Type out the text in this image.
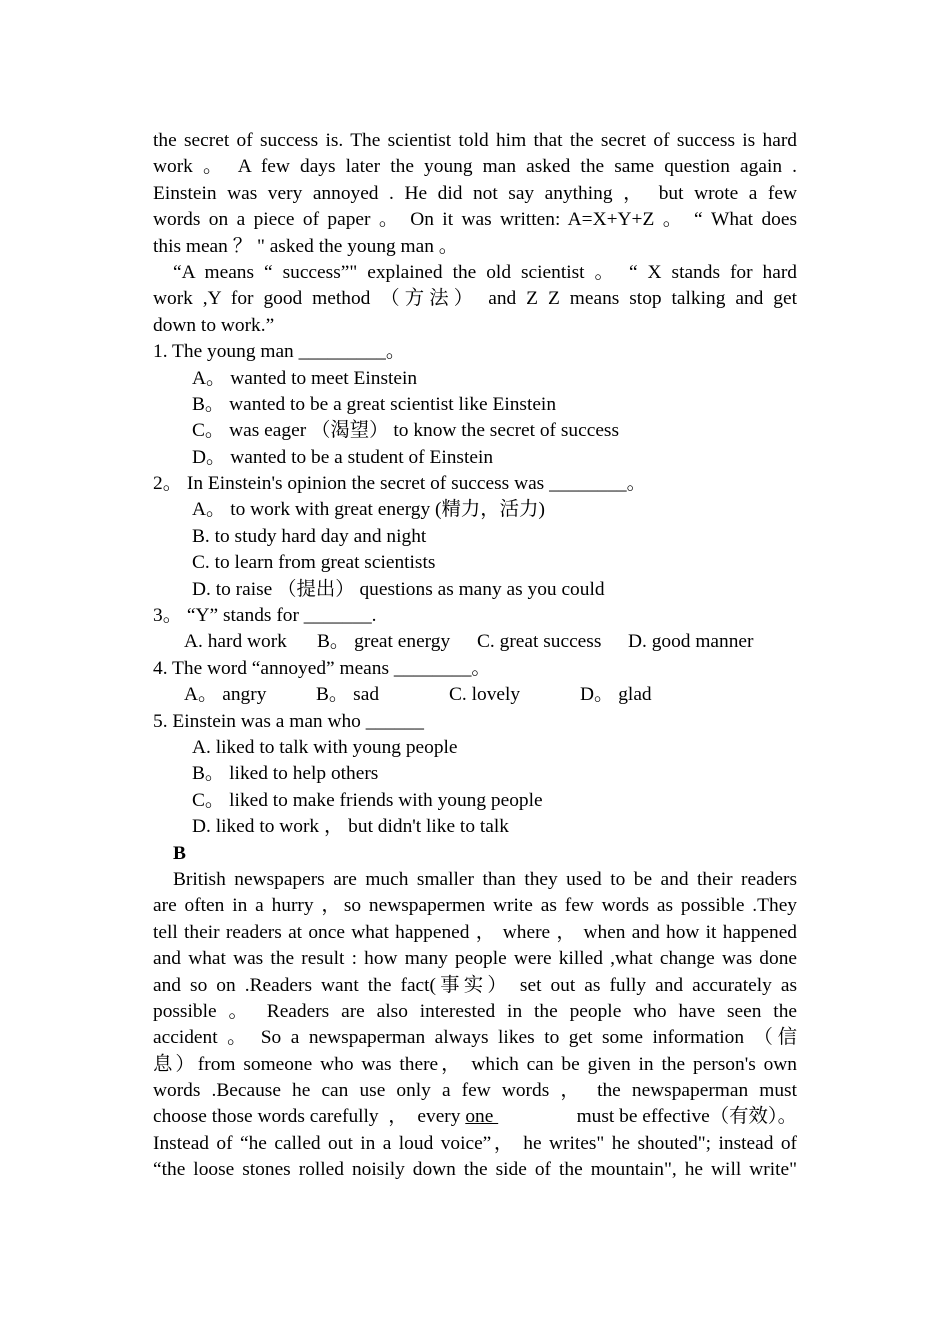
the secret of success is. The scientist told him that the secret of success is hard
work 。 A few days later the young man asked the same question again .
Einstein was very annoyed . He did not say anything ， but wrote a few
words on a piece of paper 。 On it was written: A=X+Y+Z 。 “ What does
this mean ？ " asked the young man 。
“A means “ success”" explained the old scientist 。 “ X stands for hard
work ,Y for good method （方法） and Z Z means stop talking and get
down to work.”
1. The young man _________。
A。 wanted to meet Einstein
B。 wanted to be a great scientist like Einstein
C。 was eager （渴望） to know the secret of success
D。 wanted to be a student of Einstein
2。 In Einstein's opinion the secret of success was ________。
A。 to work with great energy (精力，活力)
B. to study hard day and night
C. to learn from great scientists
D. to raise （提出） questions as many as you could
3。 “Y” stands for _______.
A. hard work B。 great energy C. great success D. good manner
4. The word “annoyed” means ________。
A。 angry	B。 sad	C. lovely	D。 glad
5. Einstein was a man who ______
A. liked to talk with young people
B。 liked to help others
C。 liked to make friends with young people
D. liked to work ， but didn't like to talk
B
British newspapers are much smaller than they used to be and their readers
are often in a hurry ，so newspapermen write as few words as possible .They
tell their readers at once what happened ， where ， when and how it happened
and what was the result : how many people were killed ,what change was done
and so on .Readers want the fact(事实） set out as fully and accurately as
possible 。 Readers are also interested in the people who have seen the
accident 。 So a newspaperman always likes to get some information （信
息）from someone who was there， which can be given in the person's own
words .Because he can use only a few words ， the newspaperman must
choose those words carefully  ，  every one	must be effective（有效）。
Instead of “he called out in a loud voice”， he writes" he shouted"; instead of
“the loose stones rolled noisily down the side of the mountain", he will write"
